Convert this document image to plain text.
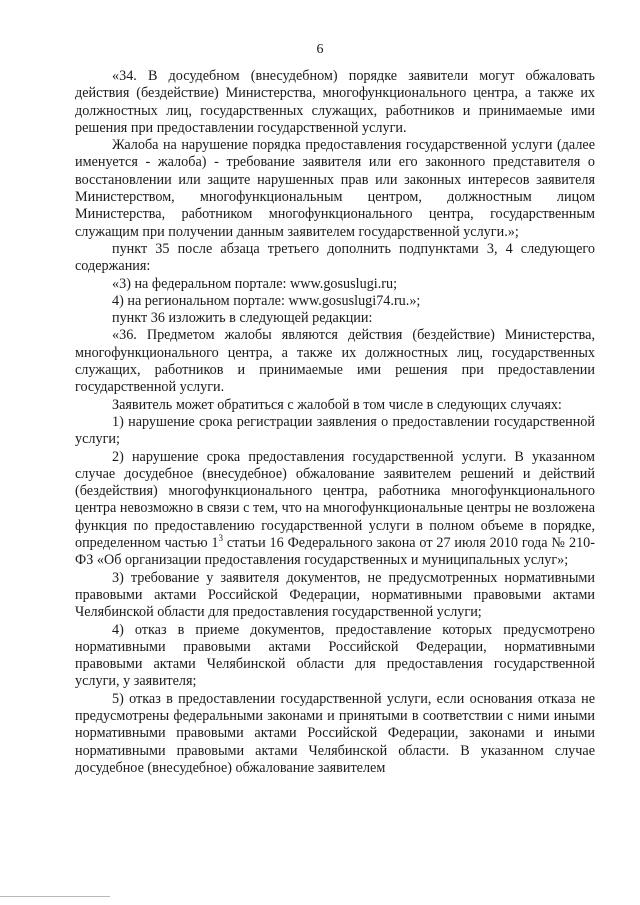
6

«34. В досудебном (внесудебном) порядке заявители могут обжаловать действия (бездействие) Министерства, многофункционального центра, а также их должностных лиц, государственных служащих, работников и принимаемые ими решения при предоставлении государственной услуги.

Жалоба на нарушение порядка предоставления государственной услуги (далее именуется - жалоба) - требование заявителя или его законного представителя о восстановлении или защите нарушенных прав или законных интересов заявителя Министерством, многофункциональным центром, должностным лицом Министерства, работником многофункционального центра, государственным служащим при получении данным заявителем государственной услуги.»;

пункт 35 после абзаца третьего дополнить подпунктами 3, 4 следующего содержания:

«3) на федеральном портале: www.gosuslugi.ru;

4) на региональном портале: www.gosuslugi74.ru.»;

пункт 36 изложить в следующей редакции:

«36. Предметом жалобы являются действия (бездействие) Министерства, многофункционального центра, а также их должностных лиц, государственных служащих, работников и принимаемые ими решения при предоставлении государственной услуги.

Заявитель может обратиться с жалобой в том числе в следующих случаях:

1) нарушение срока регистрации заявления о предоставлении государственной услуги;

2) нарушение срока предоставления государственной услуги. В указанном случае досудебное (внесудебное) обжалование заявителем решений и действий (бездействия) многофункционального центра, работника многофункционального центра невозможно в связи с тем, что на многофункциональные центры не возложена функция по предоставлению государственной услуги в полном объеме в порядке, определенном частью $1^3$ статьи 16 Федерального закона от 27 июля 2010 года № 210-ФЗ «Об организации предоставления государственных и муниципальных услуг»;

3) требование у заявителя документов, не предусмотренных нормативными правовыми актами Российской Федерации, нормативными правовыми актами Челябинской области для предоставления государственной услуги;

4) отказ в приеме документов, предоставление которых предусмотрено нормативными правовыми актами Российской Федерации, нормативными правовыми актами Челябинской области для предоставления государственной услуги, у заявителя;

5) отказ в предоставлении государственной услуги, если основания отказа не предусмотрены федеральными законами и принятыми в соответствии с ними иными нормативными правовыми актами Российской Федерации, законами и иными нормативными правовыми актами Челябинской области. В указанном случае досудебное (внесудебное) обжалование заявителем
